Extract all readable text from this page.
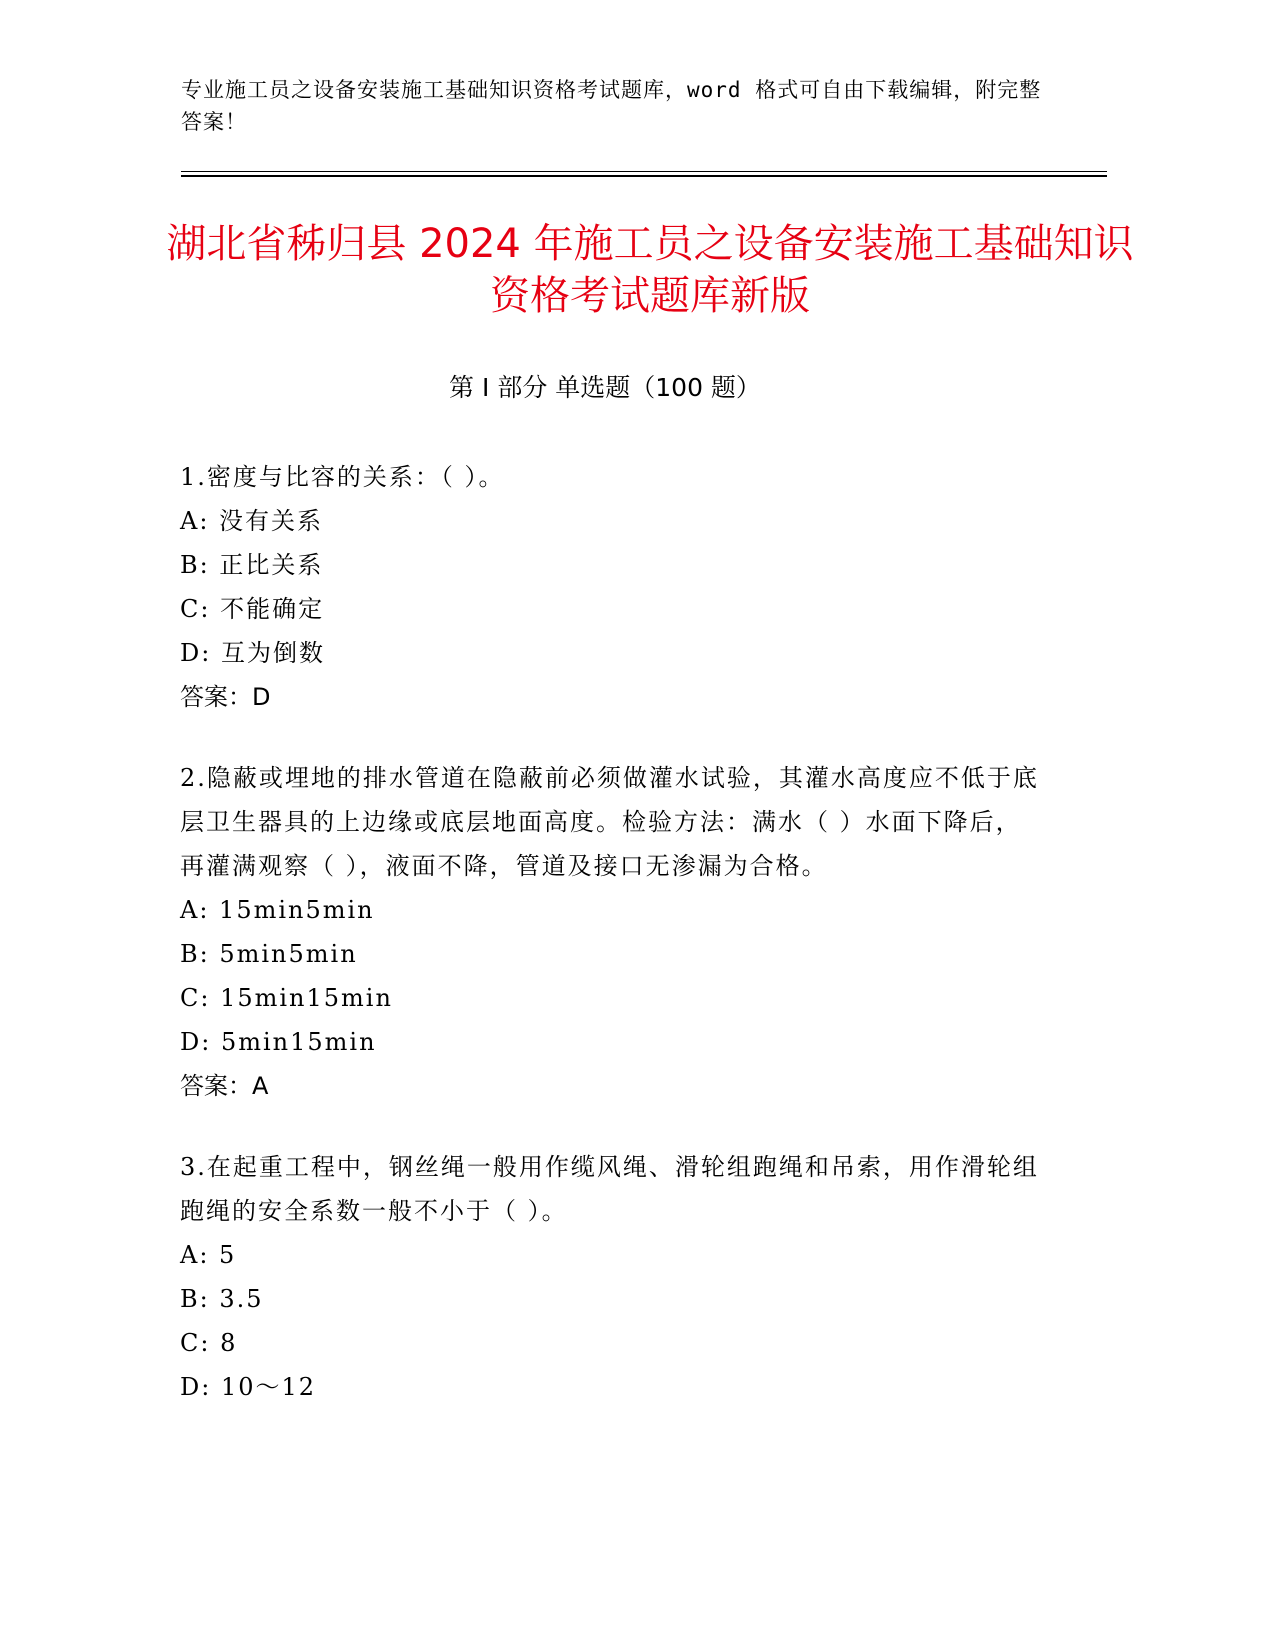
专业施工员之设备安装施工基础知识资格考试题库，word 格式可自由下载编辑，附完整答案！
湖北省秭归县 2024 年施工员之设备安装施工基础知识资格考试题库新版
第 I 部分 单选题（100 题）
1.密度与比容的关系：（ ）。
A: 没有关系
B: 正比关系
C: 不能确定
D: 互为倒数
答案：D
2.隐蔽或埋地的排水管道在隐蔽前必须做灌水试验，其灌水高度应不低于底层卫生器具的上边缘或底层地面高度。检验方法：满水（ ）水面下降后，再灌满观察（ ），液面不降，管道及接口无渗漏为合格。
A: 15min5min
B: 5min5min
C: 15min15min
D: 5min15min
答案：A
3.在起重工程中，钢丝绳一般用作缆风绳、滑轮组跑绳和吊索，用作滑轮组跑绳的安全系数一般不小于（ ）。
A: 5
B: 3.5
C: 8
D: 10～12
